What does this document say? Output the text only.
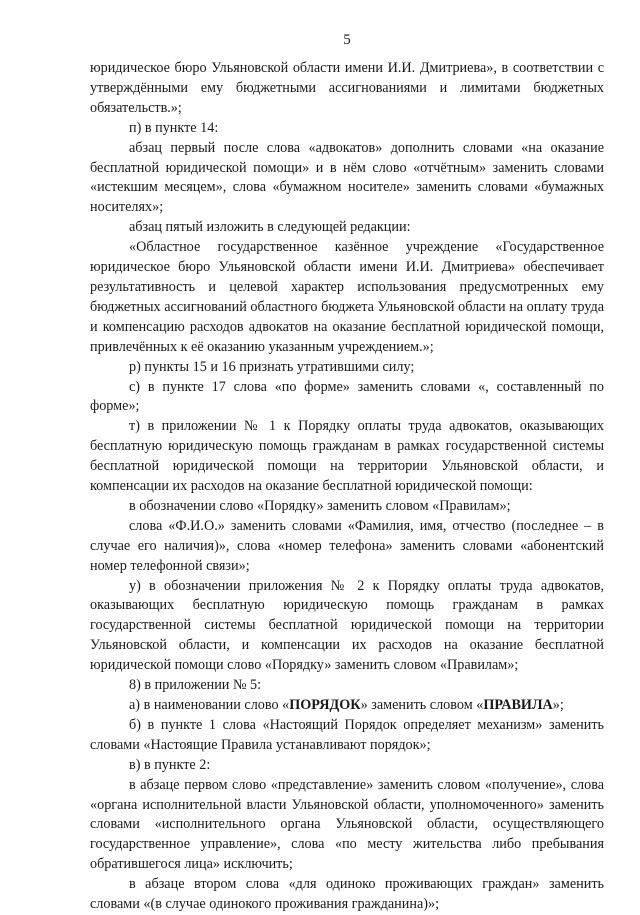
5

юридическое бюро Ульяновской области имени И.И. Дмитриева», в соответствии с утверждёнными ему бюджетными ассигнованиями и лимитами бюджетных обязательств.»;

п) в пункте 14:

абзац первый после слова «адвокатов» дополнить словами «на оказание бесплатной юридической помощи» и в нём слово «отчётным» заменить словами «истекшим месяцем», слова «бумажном носителе» заменить словами «бумажных носителях»;

абзац пятый изложить в следующей редакции:

«Областное государственное казённое учреждение «Государственное юридическое бюро Ульяновской области имени И.И. Дмитриева» обеспечивает результативность и целевой характер использования предусмотренных ему бюджетных ассигнований областного бюджета Ульяновской области на оплату труда и компенсацию расходов адвокатов на оказание бесплатной юридической помощи, привлечённых к её оказанию указанным учреждением.»;

р) пункты 15 и 16 признать утратившими силу;

с) в пункте 17 слова «по форме» заменить словами «, составленный по форме»;

т) в приложении № 1 к Порядку оплаты труда адвокатов, оказывающих бесплатную юридическую помощь гражданам в рамках государственной системы бесплатной юридической помощи на территории Ульяновской области, и компенсации их расходов на оказание бесплатной юридической помощи:

в обозначении слово «Порядку» заменить словом «Правилам»;

слова «Ф.И.О.» заменить словами «Фамилия, имя, отчество (последнее – в случае его наличия)», слова «номер телефона» заменить словами «абонентский номер телефонной связи»;

у) в обозначении приложения № 2 к Порядку оплаты труда адвокатов, оказывающих бесплатную юридическую помощь гражданам в рамках государственной системы бесплатной юридической помощи на территории Ульяновской области, и компенсации их расходов на оказание бесплатной юридической помощи слово «Порядку» заменить словом «Правилам»;

8) в приложении № 5:

а) в наименовании слово «ПОРЯДОК» заменить словом «ПРАВИЛА»;

б) в пункте 1 слова «Настоящий Порядок определяет механизм» заменить словами «Настоящие Правила устанавливают порядок»;

в) в пункте 2:

в абзаце первом слово «представление» заменить словом «получение», слова «органа исполнительной власти Ульяновской области, уполномоченного» заменить словами «исполнительного органа Ульяновской области, осуществляющего государственное управление», слова «по месту жительства либо пребывания обратившегося лица» исключить;

в абзаце втором слова «для одиноко проживающих граждан» заменить словами «(в случае одинокого проживания гражданина)»;
